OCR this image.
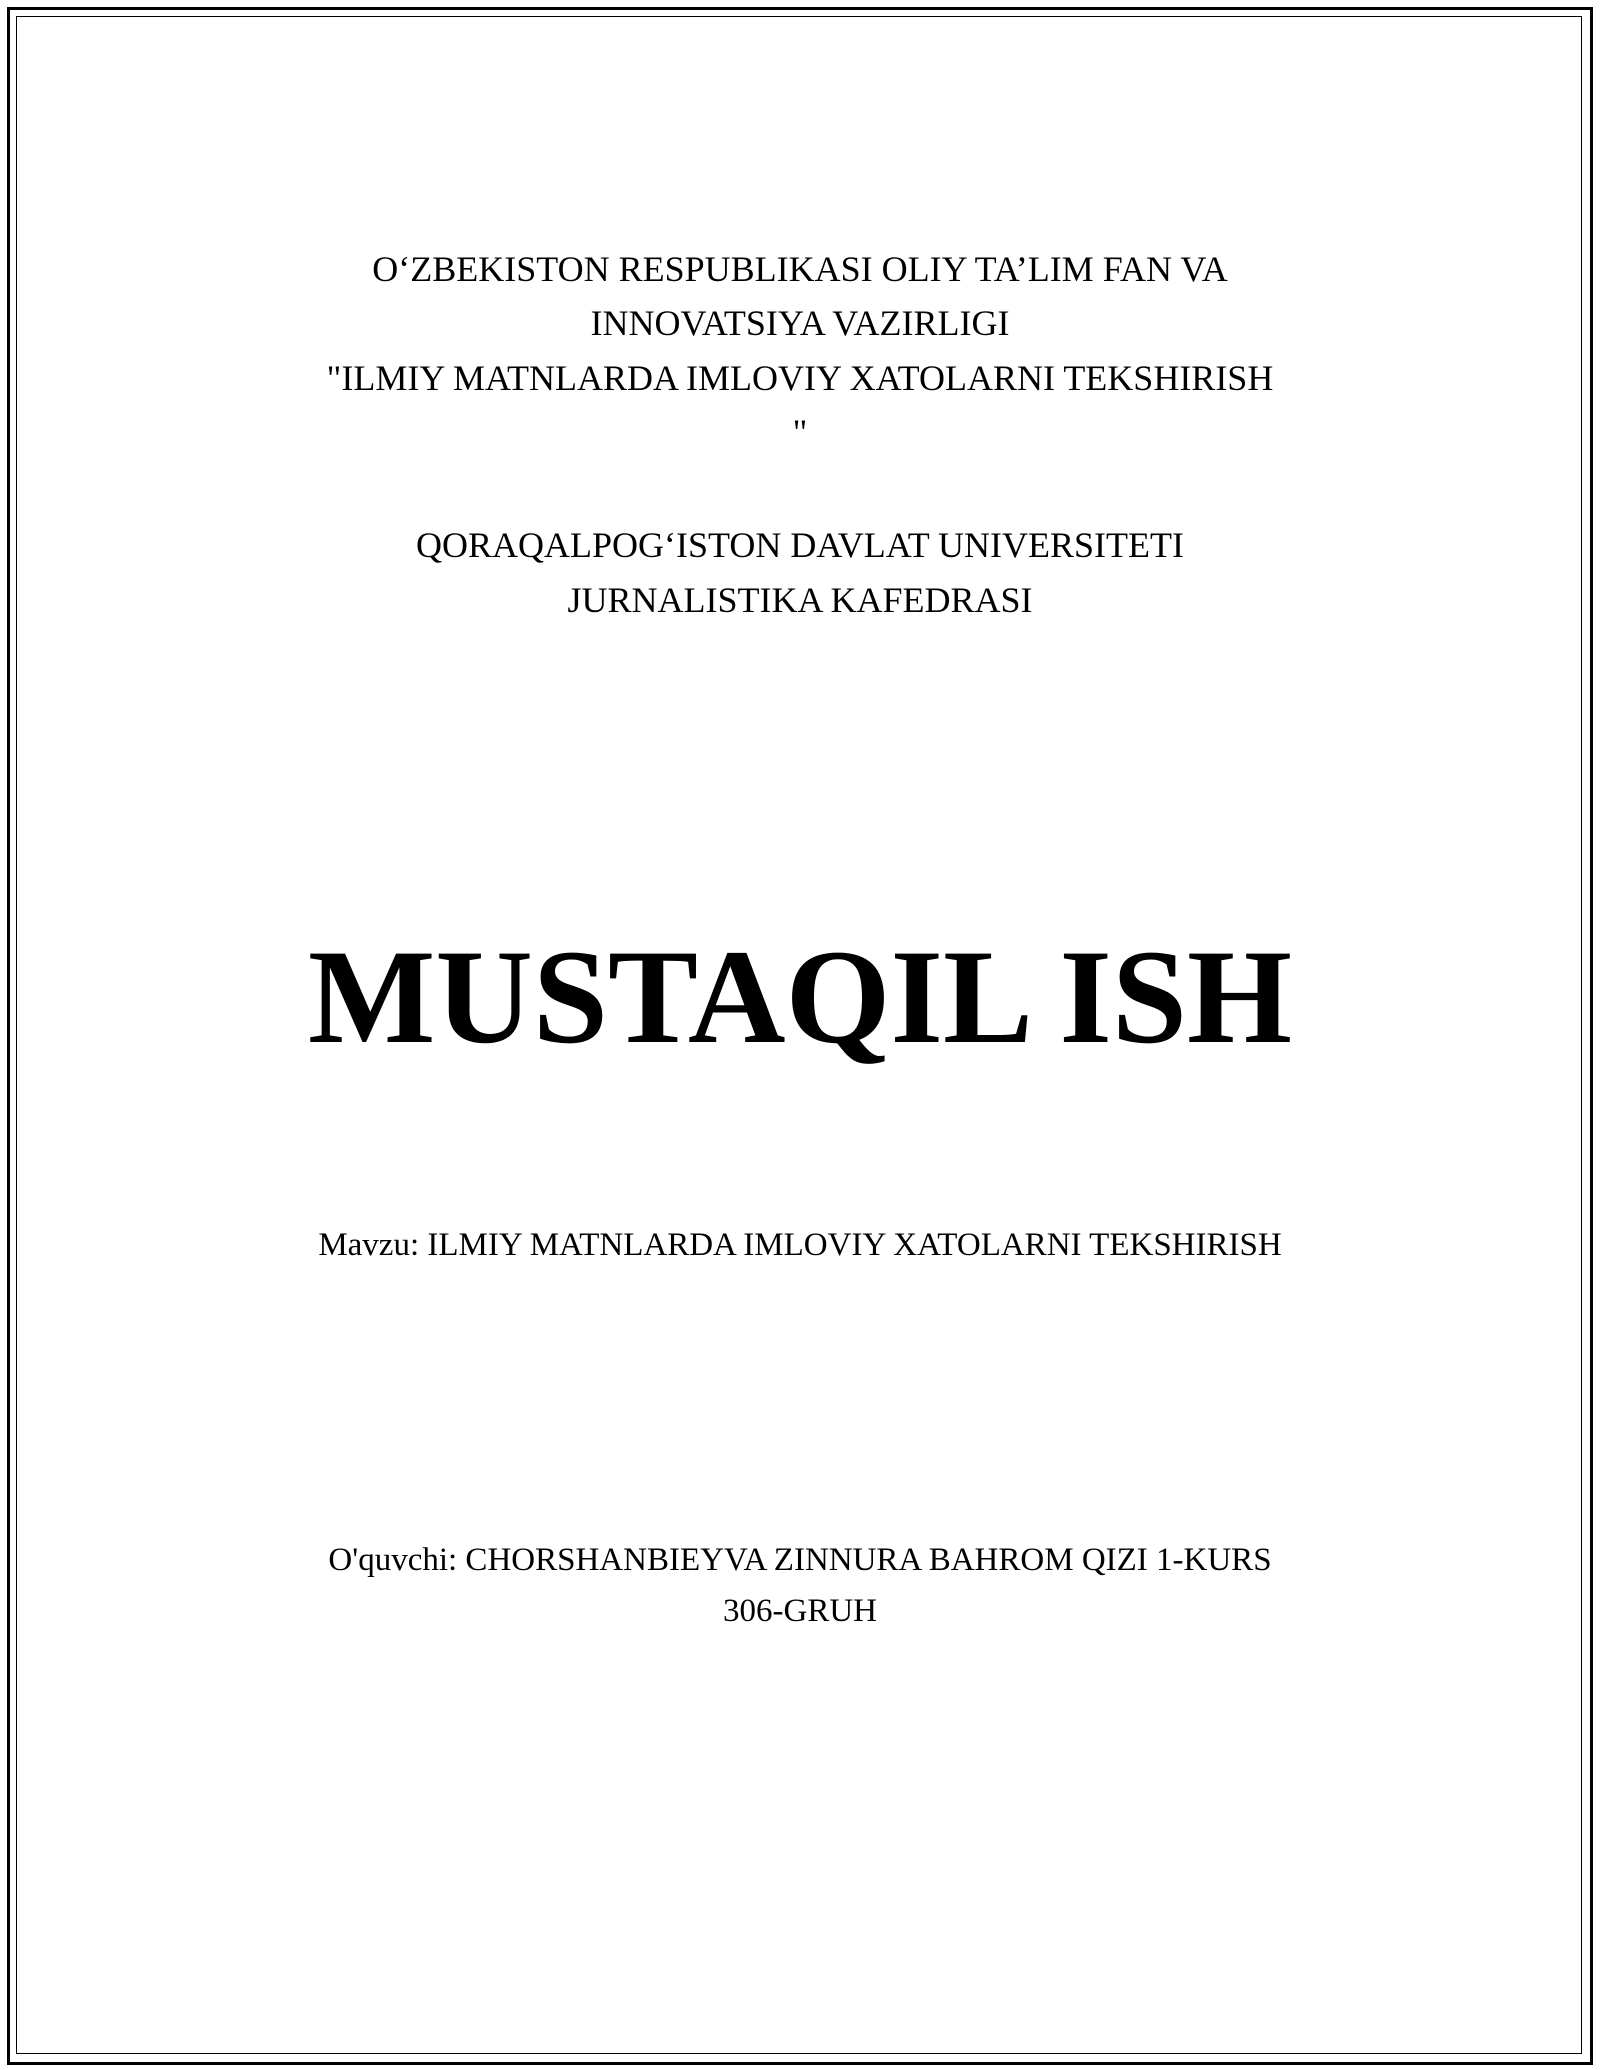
O‘ZBEKISTON RESPUBLIKASI OLIY TA’LIM FAN VA
INNOVATSIYA VAZIRLIGI
"ILMIY MATNLARDA IMLOVIY XATOLARNI TEKSHIRISH
"
QORAQALPOG‘ISTON DAVLAT UNIVERSITETI
JURNALISTIKA KAFEDRASI
MUSTAQIL ISH
Mavzu: ILMIY MATNLARDA IMLOVIY XATOLARNI TEKSHIRISH
O'quvchi: CHORSHANBIEYVA ZINNURA BAHROM QIZI 1-KURS
306-GRUH
